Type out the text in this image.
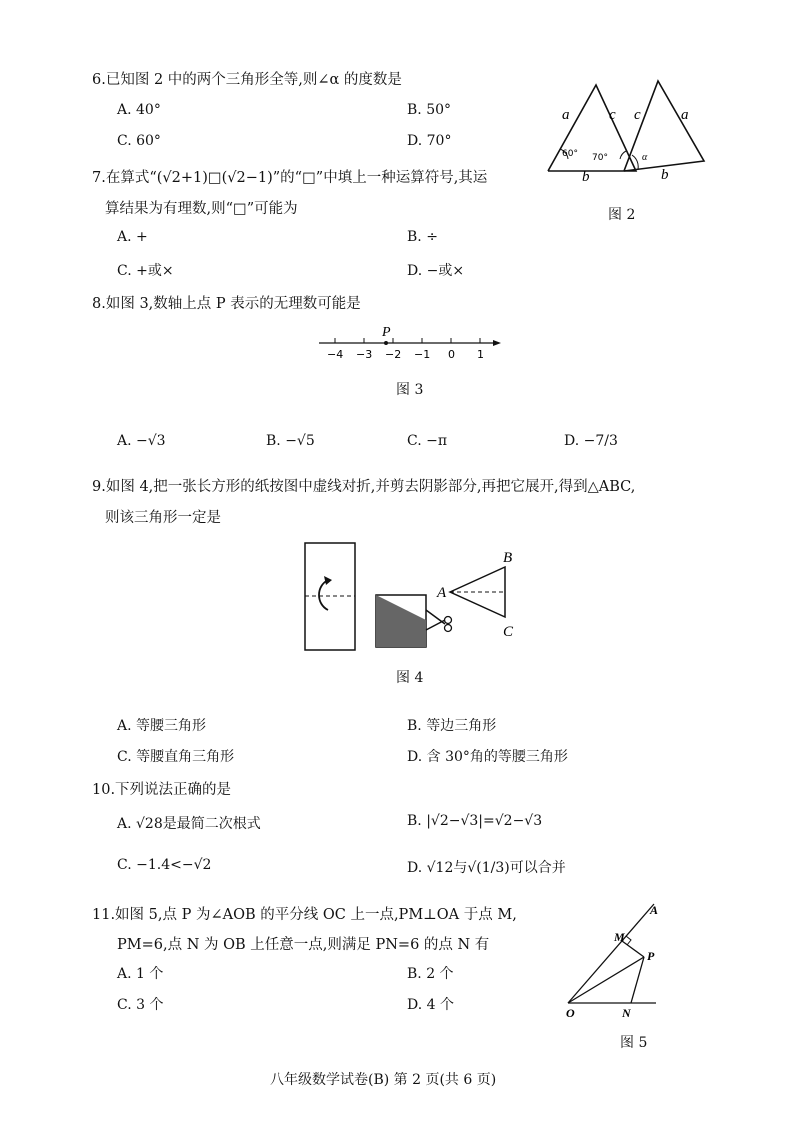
6.已知图 2 中的两个三角形全等,则∠α 的度数是
A. 40°	B. 50°
C. 60°	D. 70°
a	c
b
60° 70°
c	a
b
α
图 2
7.在算式“(√2+1)□(√2−1)”的“□”中填上一种运算符号,其运
算结果为有理数,则“□”可能为
A. +	B. ÷
C. +或×	D. −或×
8.如图 3,数轴上点 P 表示的无理数可能是
P
−4 −3 −2 −1 0 1
图 3
A. −√3	B. −√5	C. −π	D. −7/3
9.如图 4,把一张长方形的纸按图中虚线对折,并剪去阴影部分,再把它展开,得到△ABC,
则该三角形一定是
A
B
C
图 4
A. 等腰三角形	B. 等边三角形
C. 等腰直角三角形	D. 含 30°角的等腰三角形
10.下列说法正确的是
A. √28是最简二次根式	B. |√2−√3|=√2−√3
C. −1.4<−√2	D. √12与√(1/3)可以合并
11.如图 5,点 P 为∠AOB 的平分线 OC 上一点,PM⊥OA 于点 M,
PM=6,点 N 为 OB 上任意一点,则满足 PN=6 的点 N 有
A. 1 个	B. 2 个
C. 3 个	D. 4 个
A
M
P
O	N
图 5
八年级数学试卷(B) 第 2 页(共 6 页)
